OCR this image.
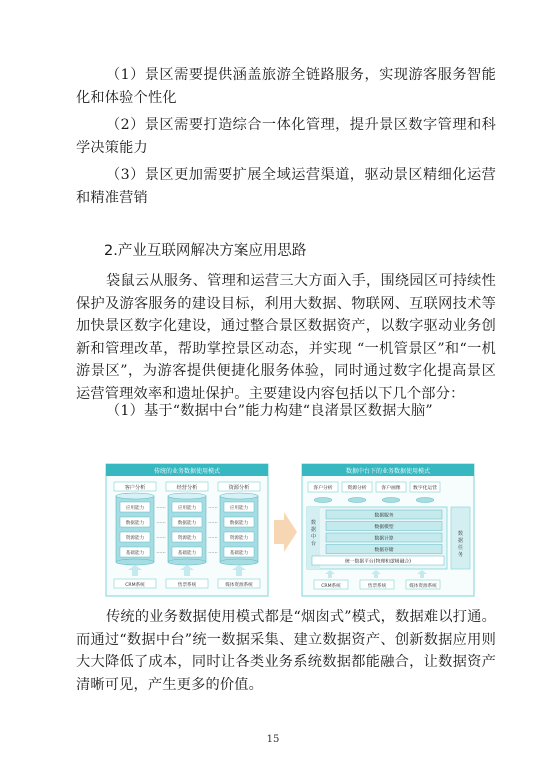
（1）景区需要提供涵盖旅游全链路服务，实现游客服务智能化和体验个性化

（2）景区需要打造综合一体化管理，提升景区数字管理和科学决策能力

（3）景区更加需要扩展全域运营渠道，驱动景区精细化运营和精准营销

2.产业互联网解决方案应用思路

袋鼠云从服务、管理和运营三大方面入手，围绕园区可持续性保护及游客服务的建设目标，利用大数据、物联网、互联网技术等加快景区数字化建设，通过整合景区数据资产，以数字驱动业务创新和管理改革，帮助掌控景区动态，并实现 “一机管景区”和“一机游景区”，为游客提供便捷化服务体验，同时通过数字化提高景区运营管理效率和遗址保护。主要建设内容包括以下几个部分：

（1）基于“数据中台”能力构建“良渚景区数据大脑”

传统的业务数据使用模式
客户分析
应用能力
数据能力
资源能力
基础能力
CRM系统
......
......
......
......
经营分析
应用能力
数据能力
资源能力
基础能力
售票系统
......
......
......
......
资源分析
应用能力
数据能力
资源能力
基础能力
媒体资源系统
数据中台下的业务数据使用模式
客户分析	资源分析	客户画像	数字化运营
数据中台
数据任务
数据服务
数据模型
数据计算
数据存储
统一数据平台(物理和逻辑融合)
CRM系统	售票系统	媒体资源系统

传统的业务数据使用模式都是“烟囱式”模式，数据难以打通。而通过“数据中台”统一数据采集、建立数据资产、创新数据应用则大大降低了成本，同时让各类业务系统数据都能融合，让数据资产清晰可见，产生更多的价值。

15
